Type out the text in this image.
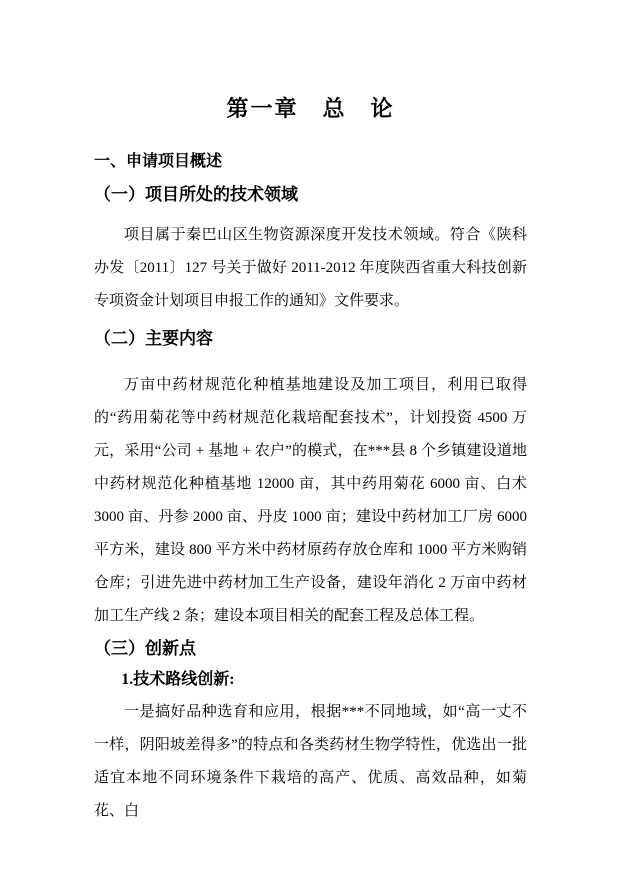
第一章　总　论
一、申请项目概述
（一）项目所处的技术领域

项目属于秦巴山区生物资源深度开发技术领域。符合《陕科办发〔2011〕127 号关于做好 2011-2012 年度陕西省重大科技创新专项资金计划项目申报工作的通知》文件要求。

（二）主要内容

万亩中药材规范化种植基地建设及加工项目，利用已取得的“药用菊花等中药材规范化栽培配套技术”，计划投资 4500 万元，采用“公司 + 基地 + 农户”的模式，在***县 8 个乡镇建设道地中药材规范化种植基地 12000 亩，其中药用菊花 6000 亩、白术 3000 亩、丹参 2000 亩、丹皮 1000 亩；建设中药材加工厂房 6000 平方米，建设 800 平方米中药材原药存放仓库和 1000 平方米购销仓库；引进先进中药材加工生产设备，建设年消化 2 万亩中药材加工生产线 2 条；建设本项目相关的配套工程及总体工程。

（三）创新点
1.技术路线创新:

一是搞好品种选育和应用，根据***不同地域，如“高一丈不一样，阴阳坡差得多”的特点和各类药材生物学特性，优选出一批适宜本地不同环境条件下栽培的高产、优质、高效品种，如菊花、白
